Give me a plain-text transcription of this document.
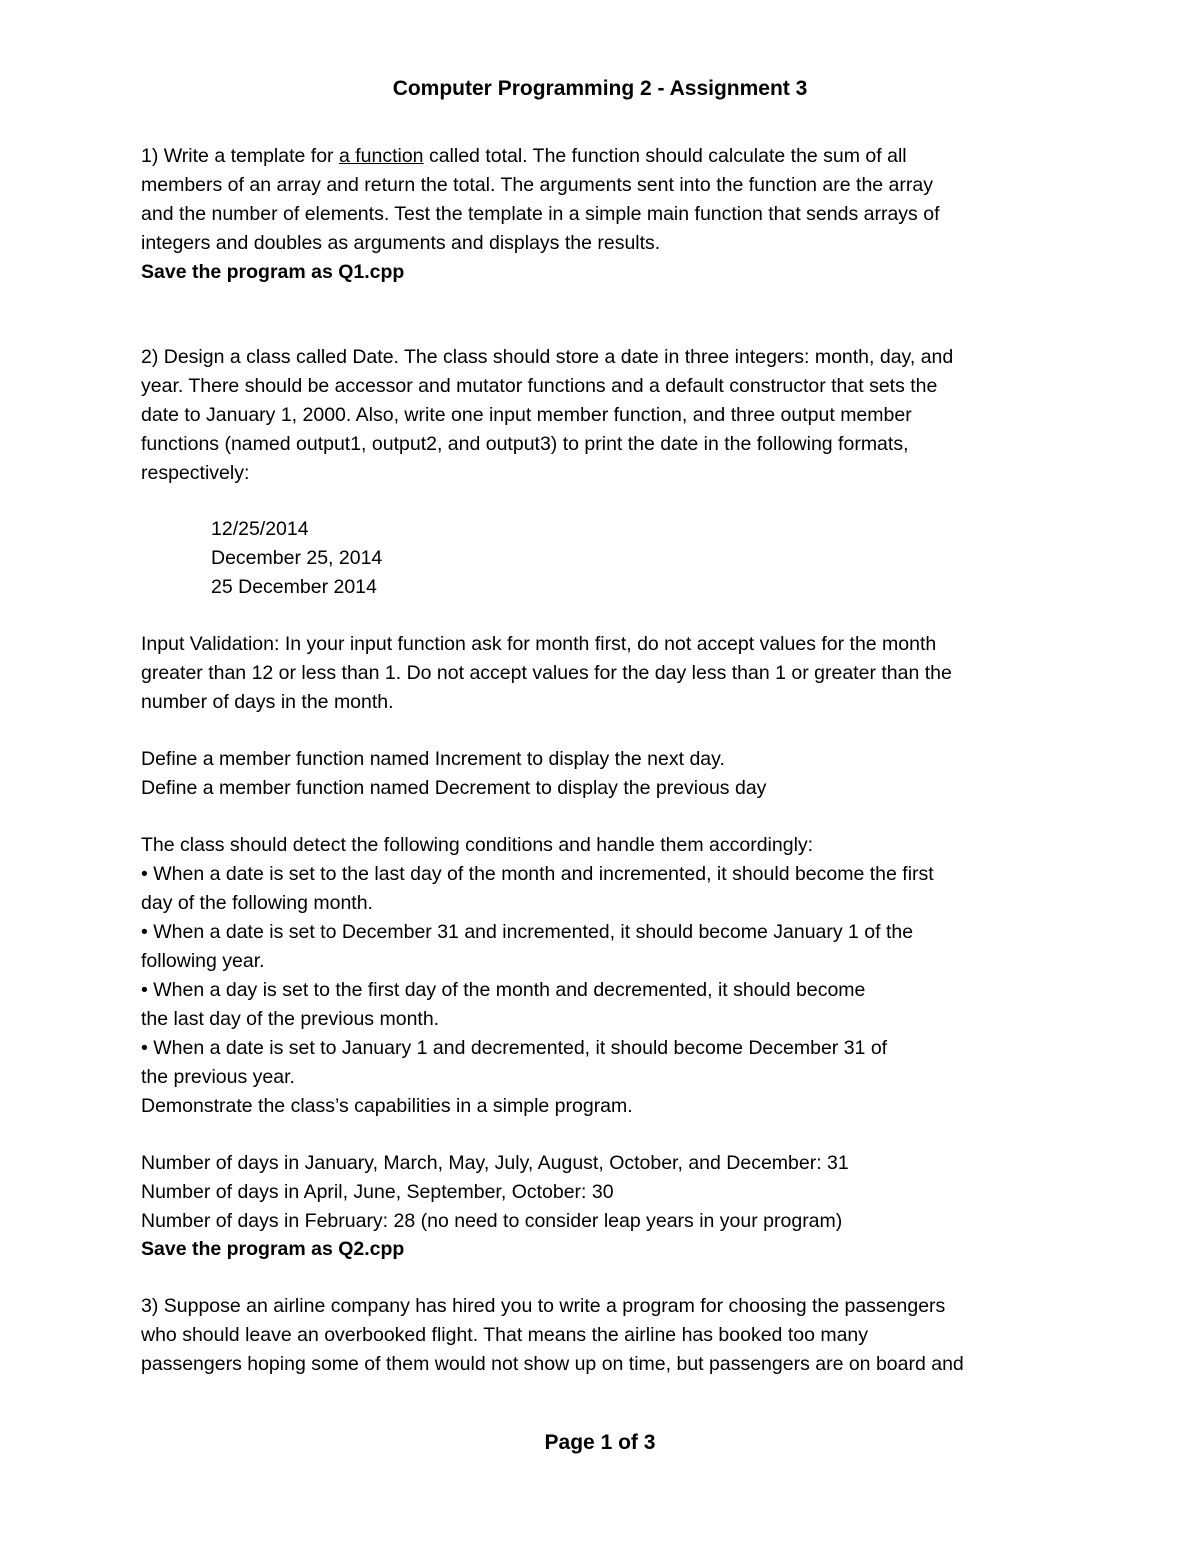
Computer Programming 2 - Assignment 3
1) Write a template for a function called total. The function should calculate the sum of all
members of an array and return the total. The arguments sent into the function are the array
and the number of elements. Test the template in a simple main function that sends arrays of
integers and doubles as arguments and displays the results.
Save the program as Q1.cpp
2) Design a class called Date. The class should store a date in three integers: month, day, and
year. There should be accessor and mutator functions and a default constructor that sets the
date to January 1, 2000. Also, write one input member function, and three output member
functions (named output1, output2, and output3) to print the date in the following formats,
respectively:
12/25/2014
December 25, 2014
25 December 2014
Input Validation: In your input function ask for month first, do not accept values for the month
greater than 12 or less than 1. Do not accept values for the day less than 1 or greater than the
number of days in the month.
Define a member function named Increment to display the next day.
Define a member function named Decrement to display the previous day
The class should detect the following conditions and handle them accordingly:
• When a date is set to the last day of the month and incremented, it should become the first
day of the following month.
• When a date is set to December 31 and incremented, it should become January 1 of the
following year.
• When a day is set to the first day of the month and decremented, it should become
the last day of the previous month.
• When a date is set to January 1 and decremented, it should become December 31 of
the previous year.
Demonstrate the class’s capabilities in a simple program.
Number of days in January, March, May, July, August, October, and December: 31
Number of days in April, June, September, October: 30
Number of days in February: 28 (no need to consider leap years in your program)
Save the program as Q2.cpp
3) Suppose an airline company has hired you to write a program for choosing the passengers
who should leave an overbooked flight. That means the airline has booked too many
passengers hoping some of them would not show up on time, but passengers are on board and
Page 1 of 3
